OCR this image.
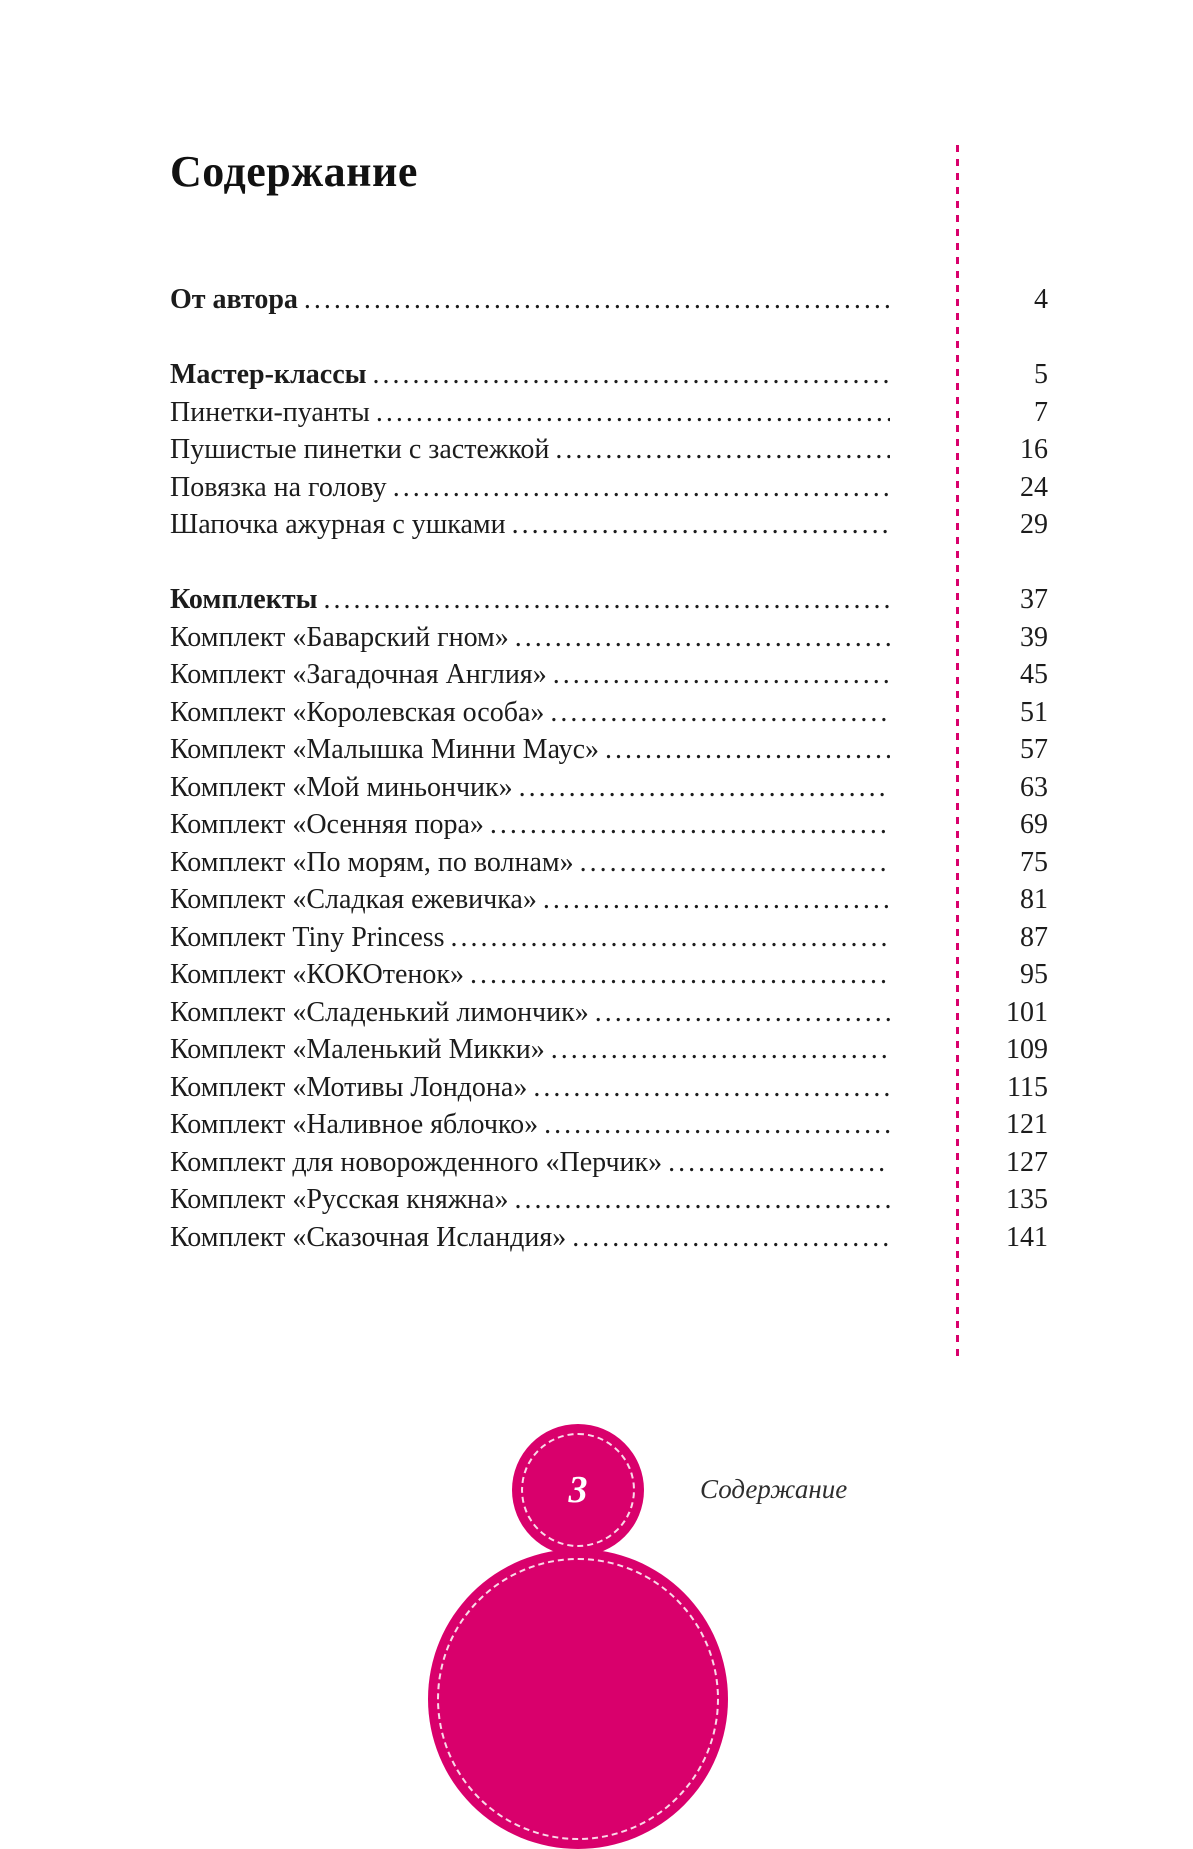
Содержание
От автора .....	4
Мастер-классы .....	5
Пинетки-пуанты .....	7
Пушистые пинетки с застежкой .....	16
Повязка на голову .....	24
Шапочка ажурная с ушками .....	29
Комплекты .....	37
Комплект «Баварский гном» .....	39
Комплект «Загадочная Англия» .....	45
Комплект «Королевская особа» .....	51
Комплект «Малышка Минни Маус» .....	57
Комплект «Мой миньончик» .....	63
Комплект «Осенняя пора» .....	69
Комплект «По морям, по волнам» .....	75
Комплект «Сладкая ежевичка» .....	81
Комплект Tiny Princess .....	87
Комплект «КОКОтенок» .....	95
Комплект «Сладенький лимончик» .....	101
Комплект «Маленький Микки» .....	109
Комплект «Мотивы Лондона» .....	115
Комплект «Наливное яблочко» .....	121
Комплект для новорожденного «Перчик» .....	127
Комплект «Русская княжна» .....	135
Комплект «Сказочная Исландия» .....	141
3	Содержание
